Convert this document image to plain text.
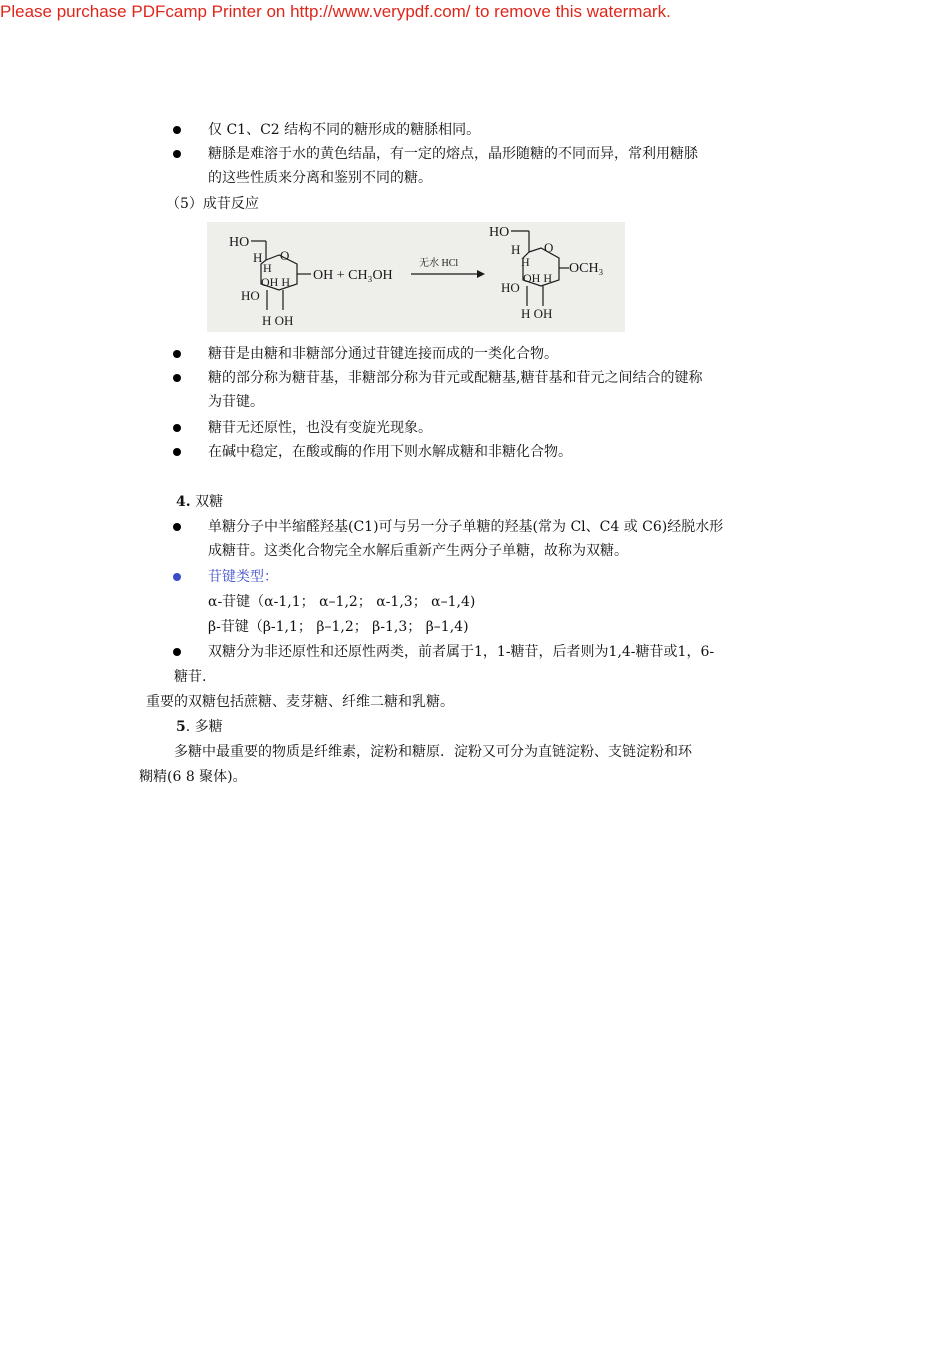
Please purchase PDFcamp Printer on http://www.verypdf.com/ to remove this watermark.
仅 C1、C2 结构不同的糖形成的糖脎相同。
糖脎是难溶于水的黄色结晶，有一定的熔点，晶形随糖的不同而异，常利用糖脎
的这些性质来分离和鉴别不同的糖。
（5）成苷反应
HO
H O
H
OH H
HO
H OH
OH + CH₃OH
无水 HCl
HO
H O
H
OH H
OCH₃
HO
H OH
糖苷是由糖和非糖部分通过苷键连接而成的一类化合物。
糖的部分称为糖苷基，非糖部分称为苷元或配糖基,糖苷基和苷元之间结合的键称
为苷键。
糖苷无还原性，也没有变旋光现象。
在碱中稳定，在酸或酶的作用下则水解成糖和非糖化合物。
4. 双糖
单糖分子中半缩醛羟基(C1)可与另一分子单糖的羟基(常为 Cl、C4 或 C6)经脱水形
成糖苷。这类化合物完全水解后重新产生两分子单糖，故称为双糖。
苷键类型：
α-苷键（α-1,1； α–1,2； α-1,3； α–1,4)
β-苷键（β-1,1； β–1,2； β-1,3； β–1,4)
双糖分为非还原性和还原性两类，前者属于1，1-糖苷，后者则为1,4-糖苷或1，6-
糖苷.
重要的双糖包括蔗糖、麦芽糖、纤维二糖和乳糖。
5. 多糖
多糖中最重要的物质是纤维素，淀粉和糖原．淀粉又可分为直链淀粉、支链淀粉和环
糊精(6 8 聚体)。
